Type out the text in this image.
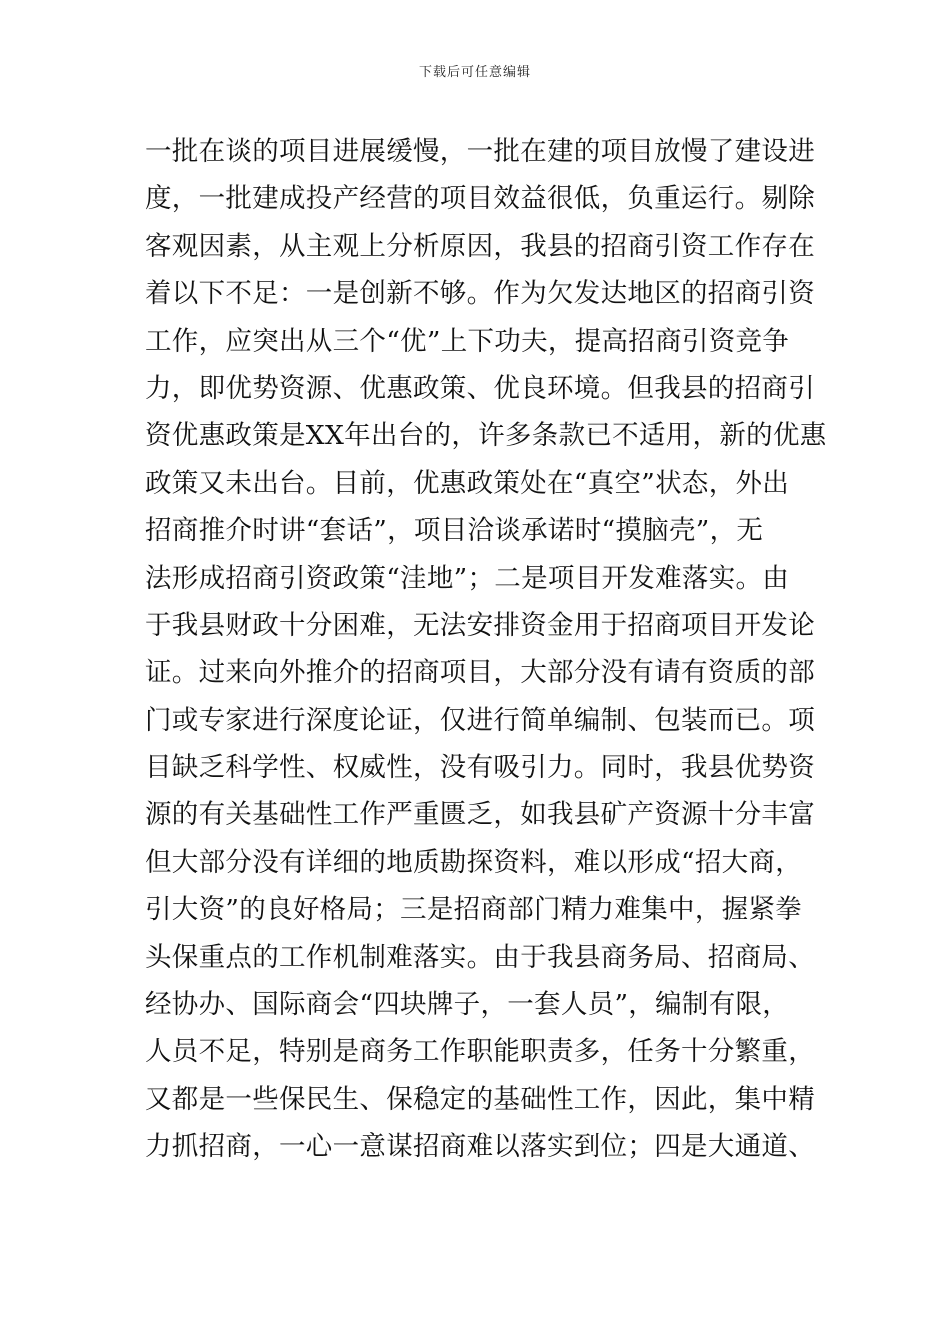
下载后可任意编辑
一批在谈的项目进展缓慢，一批在建的项目放慢了建设进
度，一批建成投产经营的项目效益很低，负重运行。剔除
客观因素，从主观上分析原因，我县的招商引资工作存在
着以下不足：一是创新不够。作为欠发达地区的招商引资
工作，应突出从三个“优”上下功夫，提高招商引资竞争
力，即优势资源、优惠政策、优良环境。但我县的招商引
资优惠政策是XX年出台的，许多条款已不适用，新的优惠
政策又未出台。目前，优惠政策处在“真空”状态，外出
招商推介时讲“套话”，项目洽谈承诺时“摸脑壳”，无
法形成招商引资政策“洼地”；二是项目开发难落实。由
于我县财政十分困难，无法安排资金用于招商项目开发论
证。过来向外推介的招商项目，大部分没有请有资质的部
门或专家进行深度论证，仅进行简单编制、包装而已。项
目缺乏科学性、权威性，没有吸引力。同时，我县优势资
源的有关基础性工作严重匮乏，如我县矿产资源十分丰富
但大部分没有详细的地质勘探资料，难以形成“招大商，
引大资”的良好格局；三是招商部门精力难集中，握紧拳
头保重点的工作机制难落实。由于我县商务局、招商局、
经协办、国际商会“四块牌子，一套人员”，编制有限，
人员不足，特别是商务工作职能职责多，任务十分繁重，
又都是一些保民生、保稳定的基础性工作，因此，集中精
力抓招商，一心一意谋招商难以落实到位；四是大通道、
